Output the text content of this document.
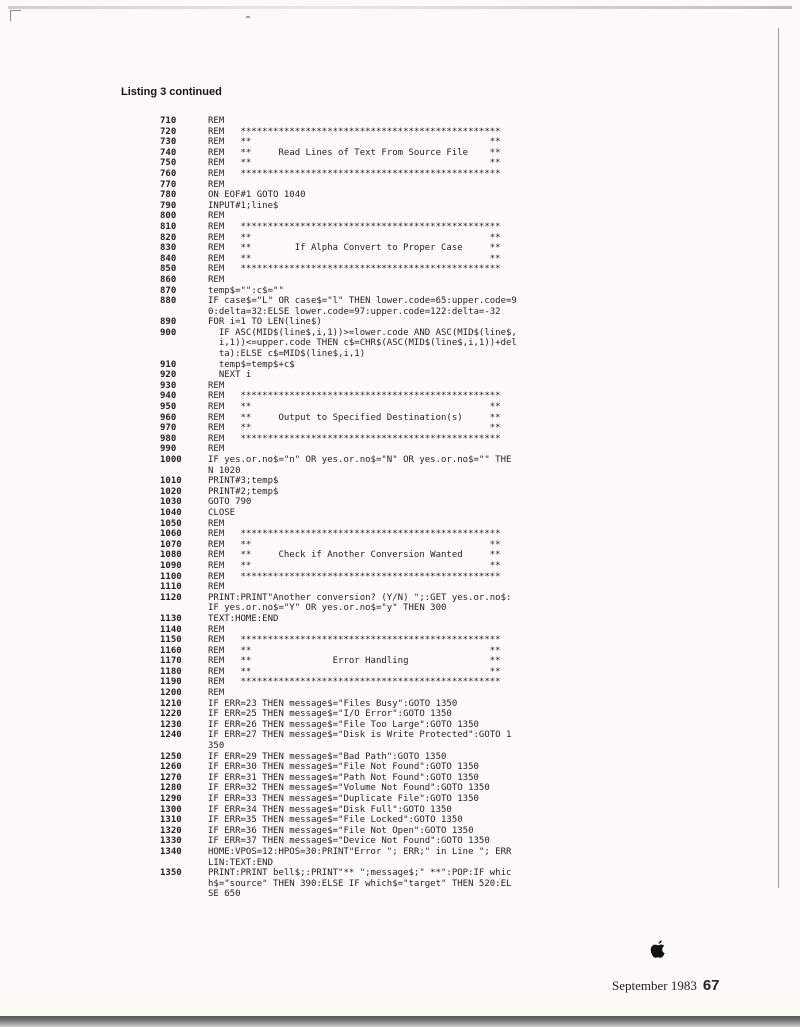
Listing 3 continued
710	REM
720	REM   ************************************************
730	REM   **                                            **
740	REM   **     Read Lines of Text From Source File    **
750	REM   **                                            **
760	REM   ************************************************
770	REM
780	ON EOF#1 GOTO 1040
790	INPUT#1;line$
800	REM
810	REM   ************************************************
820	REM   **                                            **
830	REM   **        If Alpha Convert to Proper Case     **
840	REM   **                                            **
850	REM   ************************************************
860	REM
870	temp$="":c$=""
880	IF case$="L" OR case$="l" THEN lower.code=65:upper.code=9
0:delta=32:ELSE lower.code=97:upper.code=122:delta=-32
890	FOR i=1 TO LEN(line$)
900	IF ASC(MID$(line$,i,1))>=lower.code AND ASC(MID$(line$,
i,1))<=upper.code THEN c$=CHR$(ASC(MID$(line$,i,1))+del
ta):ELSE c$=MID$(line$,i,1)
910	temp$=temp$+c$
920	NEXT i
930	REM
940	REM   ************************************************
950	REM   **                                            **
960	REM   **     Output to Specified Destination(s)     **
970	REM   **                                            **
980	REM   ************************************************
990	REM
1000	IF yes.or.no$="n" OR yes.or.no$="N" OR yes.or.no$="" THE
N 1020
1010	PRINT#3;temp$
1020	PRINT#2;temp$
1030	GOTO 790
1040	CLOSE
1050	REM
1060	REM   ************************************************
1070	REM   **                                            **
1080	REM   **     Check if Another Conversion Wanted     **
1090	REM   **                                            **
1100	REM   ************************************************
1110	REM
1120	PRINT:PRINT"Another conversion? (Y/N) ";:GET yes.or.no$:
IF yes.or.no$="Y" OR yes.or.no$="y" THEN 300
1130	TEXT:HOME:END
1140	REM
1150	REM   ************************************************
1160	REM   **                                            **
1170	REM   **               Error Handling               **
1180	REM   **                                            **
1190	REM   ************************************************
1200	REM
1210	IF ERR=23 THEN message$="Files Busy":GOTO 1350
1220	IF ERR=25 THEN message$="I/O Error":GOTO 1350
1230	IF ERR=26 THEN message$="File Too Large":GOTO 1350
1240	IF ERR=27 THEN message$="Disk is Write Protected":GOTO 1
350
1250	IF ERR=29 THEN message$="Bad Path":GOTO 1350
1260	IF ERR=30 THEN message$="File Not Found":GOTO 1350
1270	IF ERR=31 THEN message$="Path Not Found":GOTO 1350
1280	IF ERR=32 THEN message$="Volume Not Found":GOTO 1350
1290	IF ERR=33 THEN message$="Duplicate File":GOTO 1350
1300	IF ERR=34 THEN message$="Disk Full":GOTO 1350
1310	IF ERR=35 THEN message$="File Locked":GOTO 1350
1320	IF ERR=36 THEN message$="File Not Open":GOTO 1350
1330	IF ERR=37 THEN message$="Device Not Found":GOTO 1350
1340	HOME:VPOS=12:HPOS=30:PRINT"Error "; ERR;" in Line "; ERR
LIN:TEXT:END
1350	PRINT:PRINT bell$;:PRINT"** ";message$;" **":POP:IF whic
h$="source" THEN 390:ELSE IF which$="target" THEN 520:EL
SE 650
September 1983 67
